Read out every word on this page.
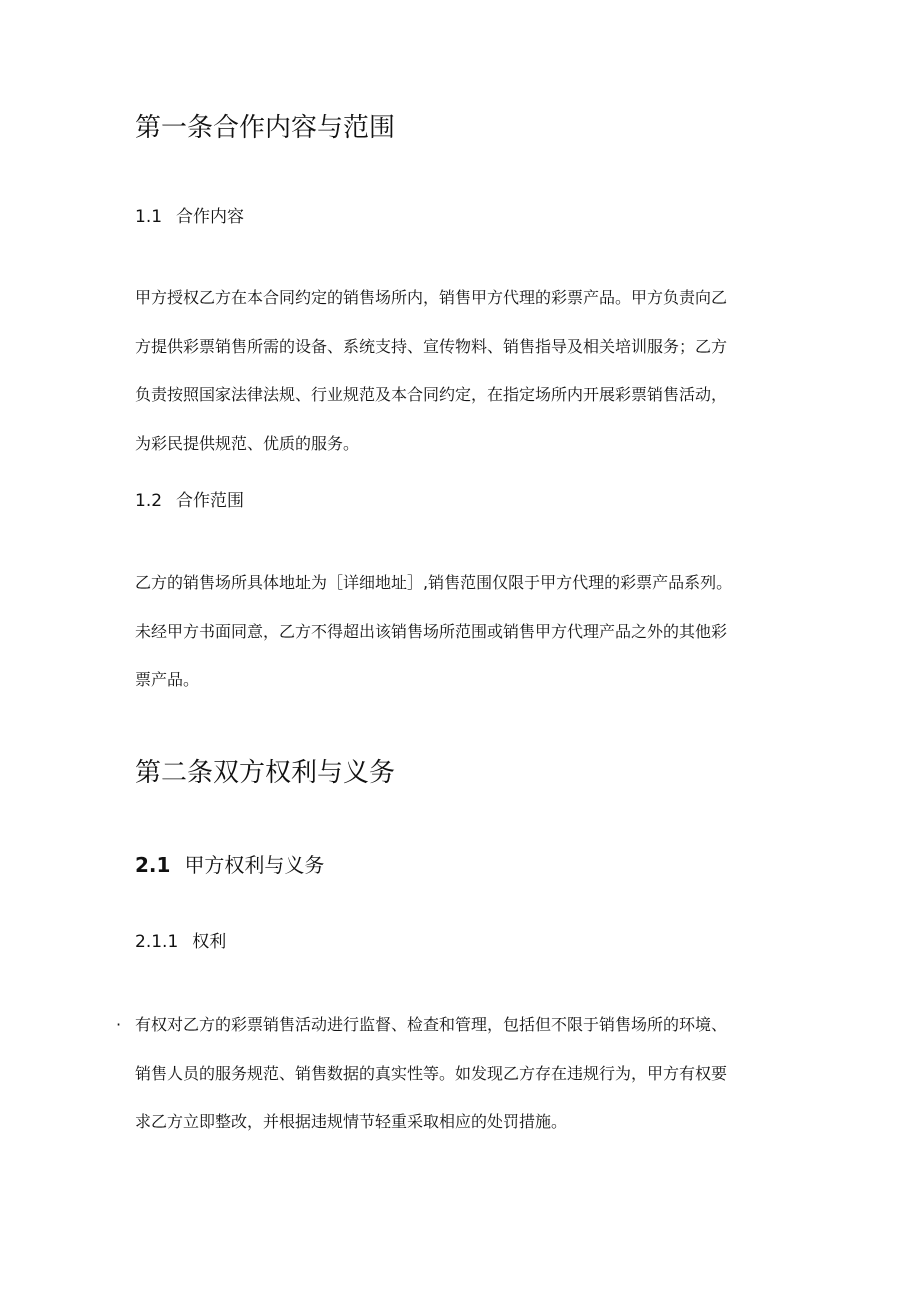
第一条合作内容与范围
1.1 合作内容
甲方授权乙方在本合同约定的销售场所内，销售甲方代理的彩票产品。甲方负责向乙
方提供彩票销售所需的设备、系统支持、宣传物料、销售指导及相关培训服务；乙方
负责按照国家法律法规、行业规范及本合同约定，在指定场所内开展彩票销售活动，
为彩民提供规范、优质的服务。
1.2 合作范围
乙方的销售场所具体地址为［详细地址］,销售范围仅限于甲方代理的彩票产品系列。
未经甲方书面同意，乙方不得超出该销售场所范围或销售甲方代理产品之外的其他彩
票产品。
第二条双方权利与义务
2.1 甲方权利与义务
2.1.1 权利
· 有权对乙方的彩票销售活动进行监督、检查和管理，包括但不限于销售场所的环境、
销售人员的服务规范、销售数据的真实性等。如发现乙方存在违规行为，甲方有权要
求乙方立即整改，并根据违规情节轻重采取相应的处罚措施。
